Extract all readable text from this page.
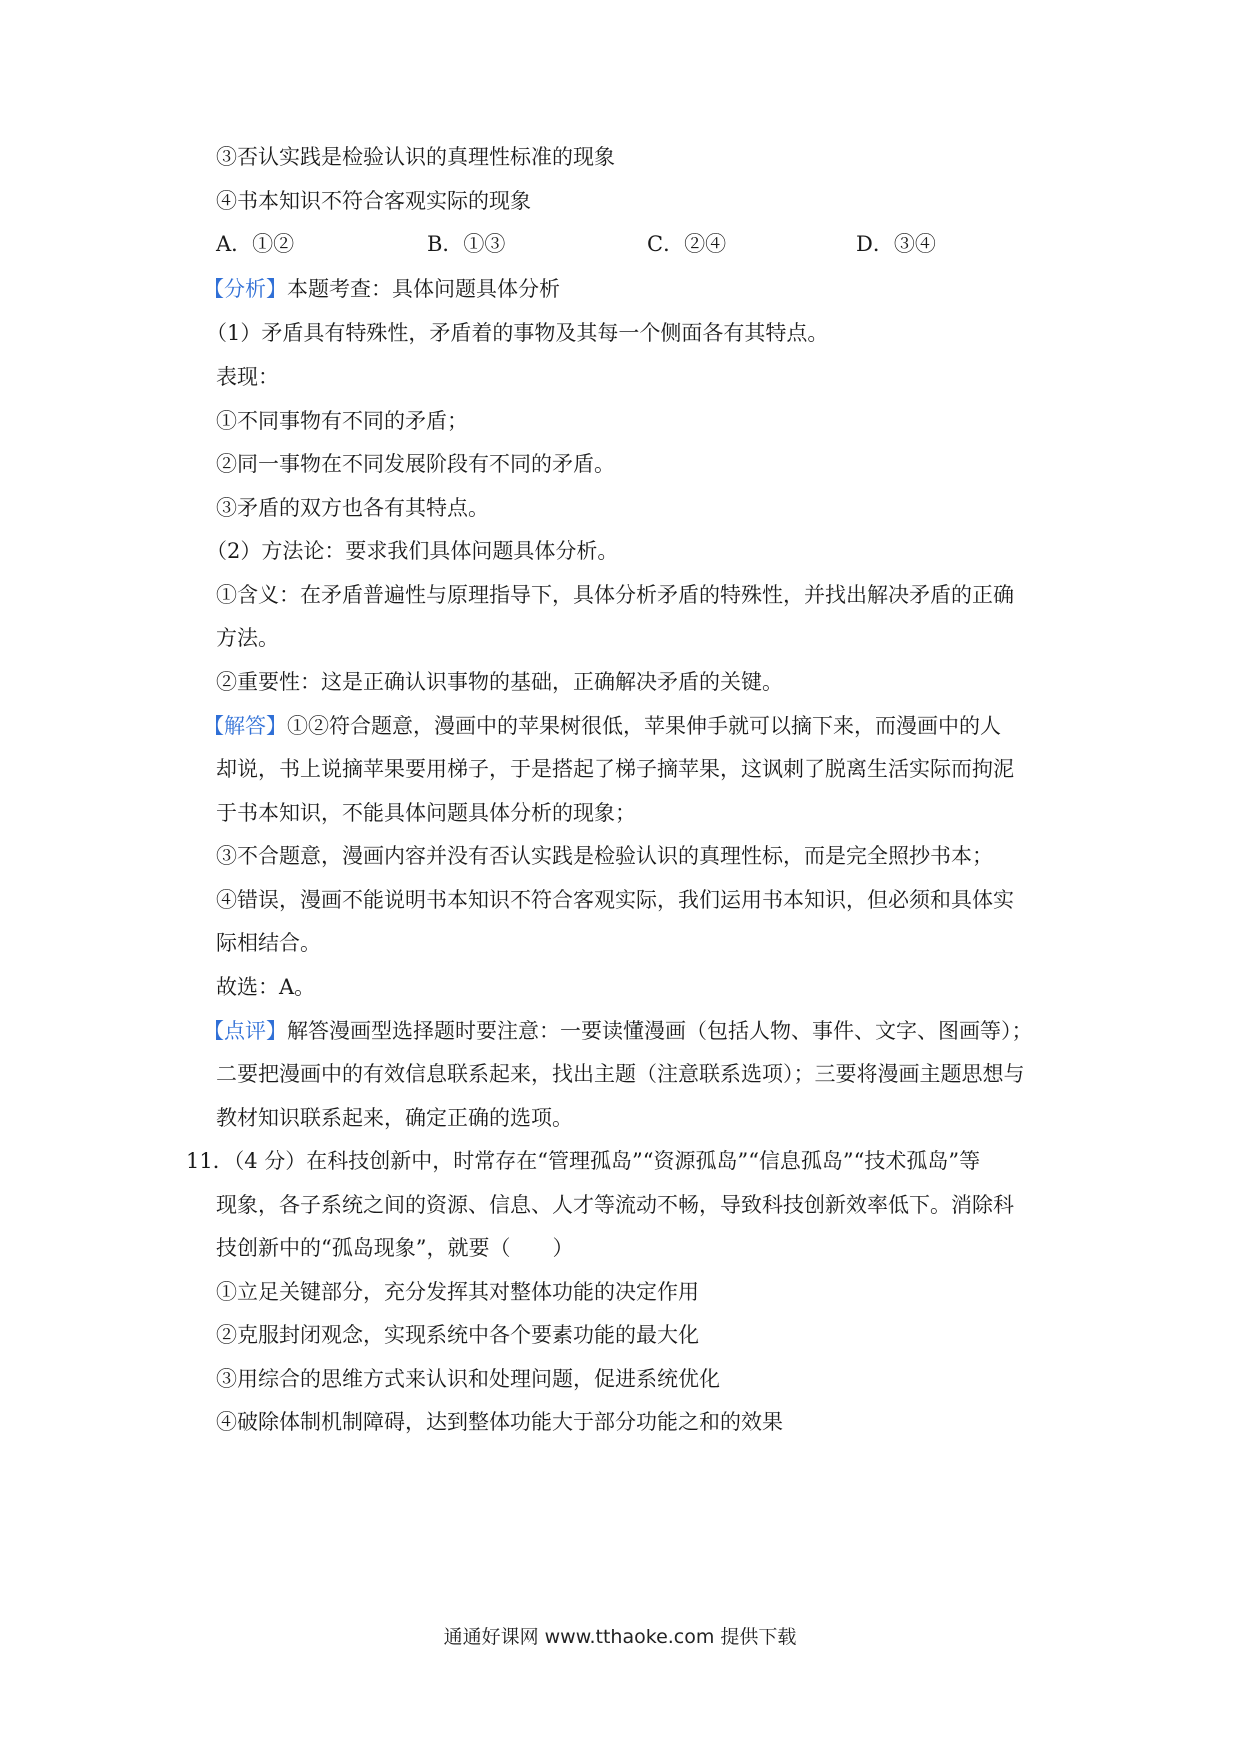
③否认实践是检验认识的真理性标准的现象
④书本知识不符合客观实际的现象
A．①②	B．①③	C．②④	D．③④
【分析】本题考查：具体问题具体分析
（1）矛盾具有特殊性，矛盾着的事物及其每一个侧面各有其特点。
表现：
①不同事物有不同的矛盾；
②同一事物在不同发展阶段有不同的矛盾。
③矛盾的双方也各有其特点。
（2）方法论：要求我们具体问题具体分析。
①含义：在矛盾普遍性与原理指导下，具体分析矛盾的特殊性，并找出解决矛盾的正确
方法。
②重要性：这是正确认识事物的基础，正确解决矛盾的关键。
【解答】①②符合题意，漫画中的苹果树很低，苹果伸手就可以摘下来，而漫画中的人
却说，书上说摘苹果要用梯子，于是搭起了梯子摘苹果，这讽刺了脱离生活实际而拘泥
于书本知识，不能具体问题具体分析的现象；
③不合题意，漫画内容并没有否认实践是检验认识的真理性标，而是完全照抄书本；
④错误，漫画不能说明书本知识不符合客观实际，我们运用书本知识，但必须和具体实
际相结合。
故选：A。
【点评】解答漫画型选择题时要注意：一要读懂漫画（包括人物、事件、文字、图画等）；
二要把漫画中的有效信息联系起来，找出主题（注意联系选项）；三要将漫画主题思想与
教材知识联系起来，确定正确的选项。
11．（4 分）在科技创新中，时常存在“管理孤岛”“资源孤岛”“信息孤岛”“技术孤岛”等
现象，各子系统之间的资源、信息、人才等流动不畅，导致科技创新效率低下。消除科
技创新中的“孤岛现象”，就要（　　）
①立足关键部分，充分发挥其对整体功能的决定作用
②克服封闭观念，实现系统中各个要素功能的最大化
③用综合的思维方式来认识和处理问题，促进系统优化
④破除体制机制障碍，达到整体功能大于部分功能之和的效果
通通好课网 www.tthaoke.com 提供下载
